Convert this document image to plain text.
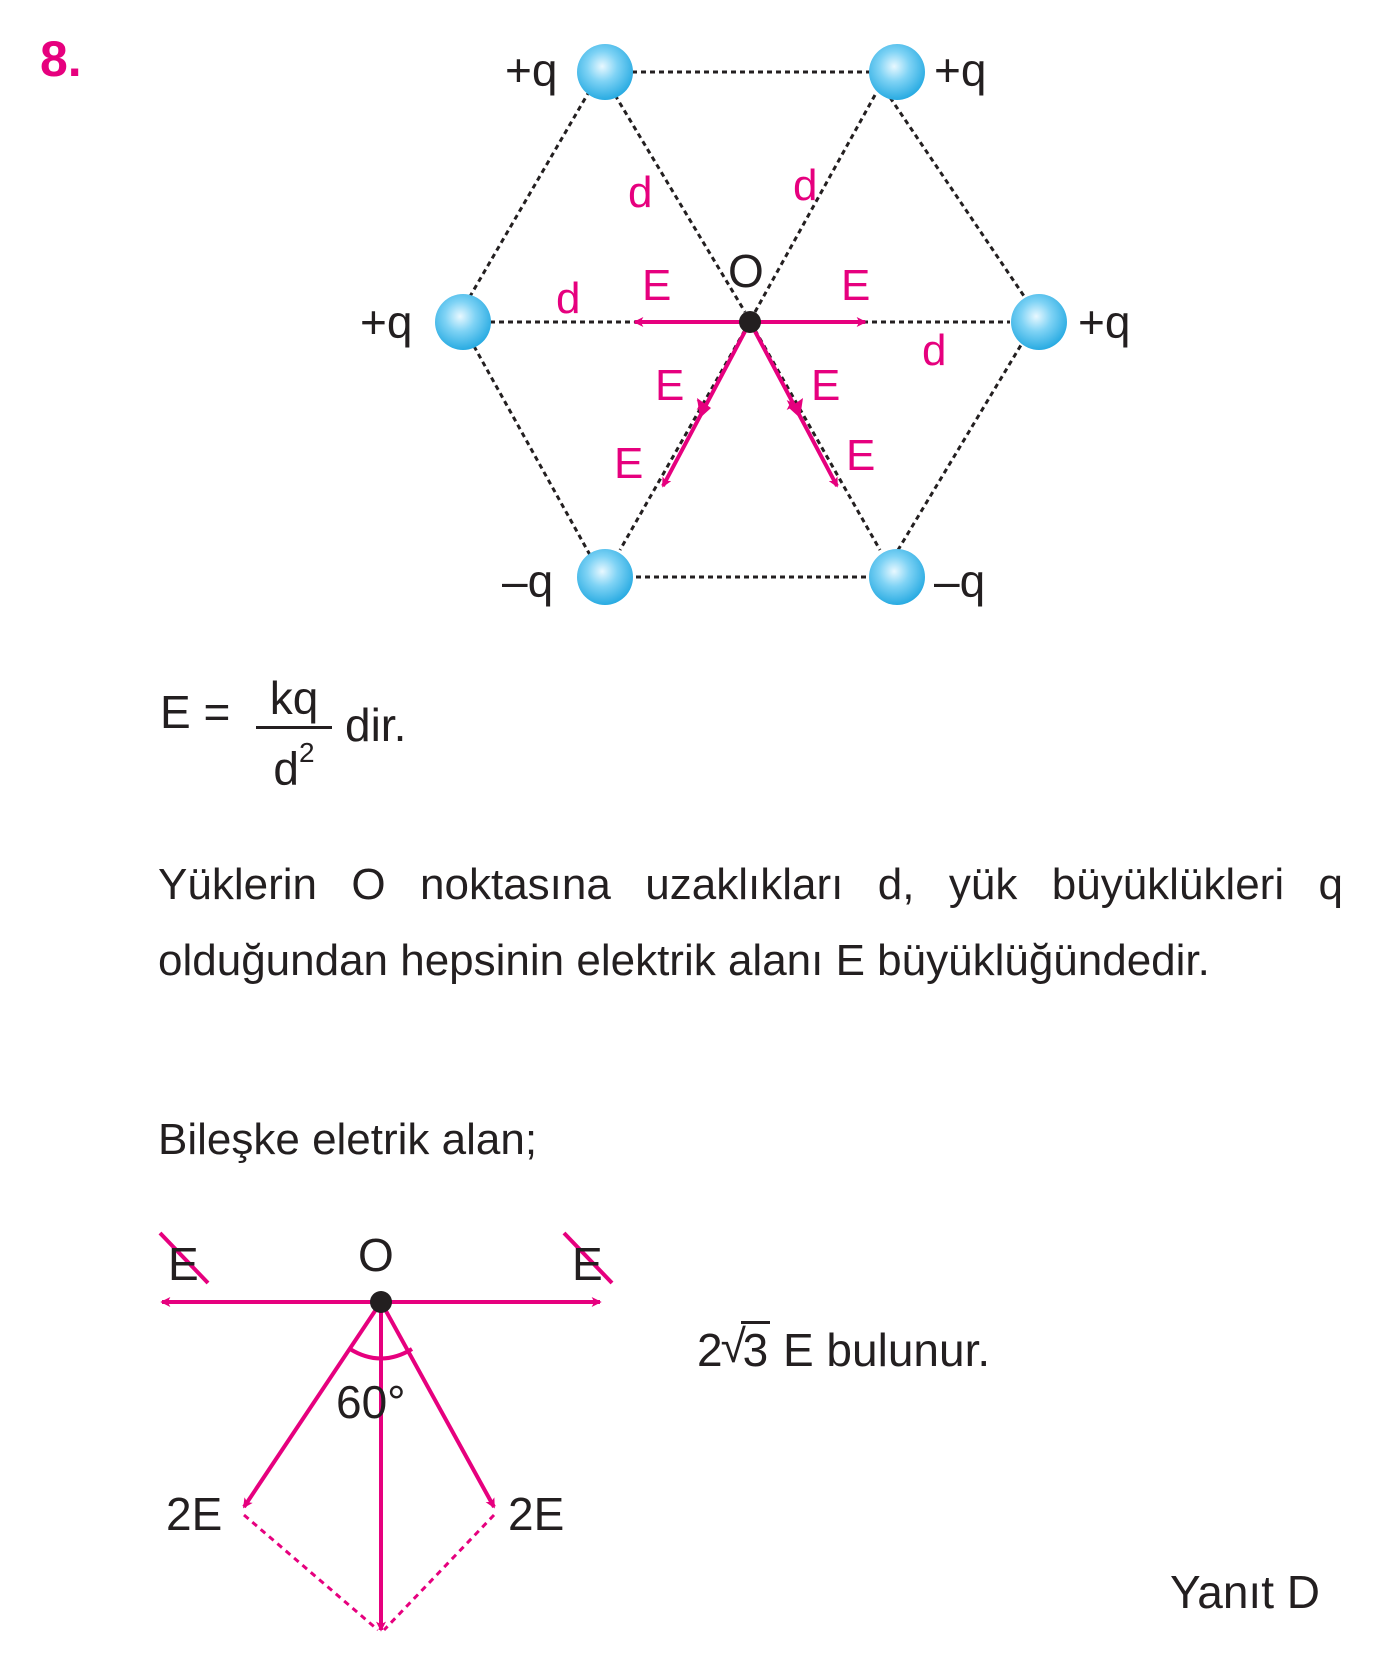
8.	+q	+q
+q	+q
–q	–q
O
d	d
d
d
E	E
E	E
E	E
O
E	E
60°
2E	2E
E = kq
$d^2$
dir.
Yüklerin O noktasına uzaklıkları d, yük büyüklükleri q olduğundan hepsinin elektrik alanı E büyüklüğündedir.
Bileşke eletrik alan;
2
√
3 E bulunur.
Yanıt D
